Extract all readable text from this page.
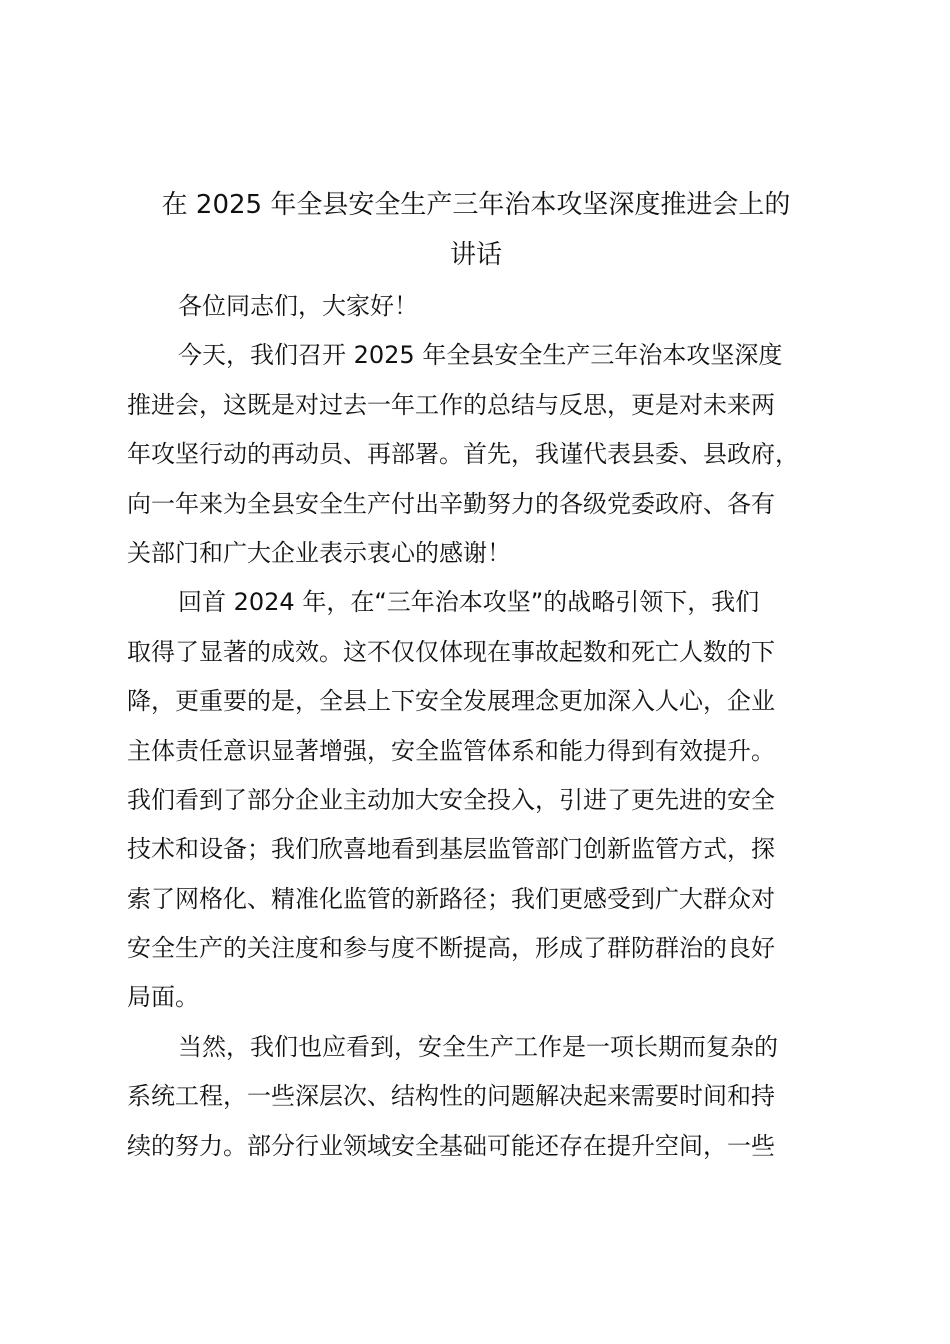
在 2025 年全县安全生产三年治本攻坚深度推进会上的
讲话
各位同志们，大家好！
今天，我们召开 2025 年全县安全生产三年治本攻坚深度
推进会，这既是对过去一年工作的总结与反思，更是对未来两
年攻坚行动的再动员、再部署。首先，我谨代表县委、县政府，
向一年来为全县安全生产付出辛勤努力的各级党委政府、各有
关部门和广大企业表示衷心的感谢！
回首 2024 年，在“三年治本攻坚”的战略引领下，我们
取得了显著的成效。这不仅仅体现在事故起数和死亡人数的下
降，更重要的是，全县上下安全发展理念更加深入人心，企业
主体责任意识显著增强，安全监管体系和能力得到有效提升。
我们看到了部分企业主动加大安全投入，引进了更先进的安全
技术和设备；我们欣喜地看到基层监管部门创新监管方式，探
索了网格化、精准化监管的新路径；我们更感受到广大群众对
安全生产的关注度和参与度不断提高，形成了群防群治的良好
局面。
当然，我们也应看到，安全生产工作是一项长期而复杂的
系统工程，一些深层次、结构性的问题解决起来需要时间和持
续的努力。部分行业领域安全基础可能还存在提升空间，一些
